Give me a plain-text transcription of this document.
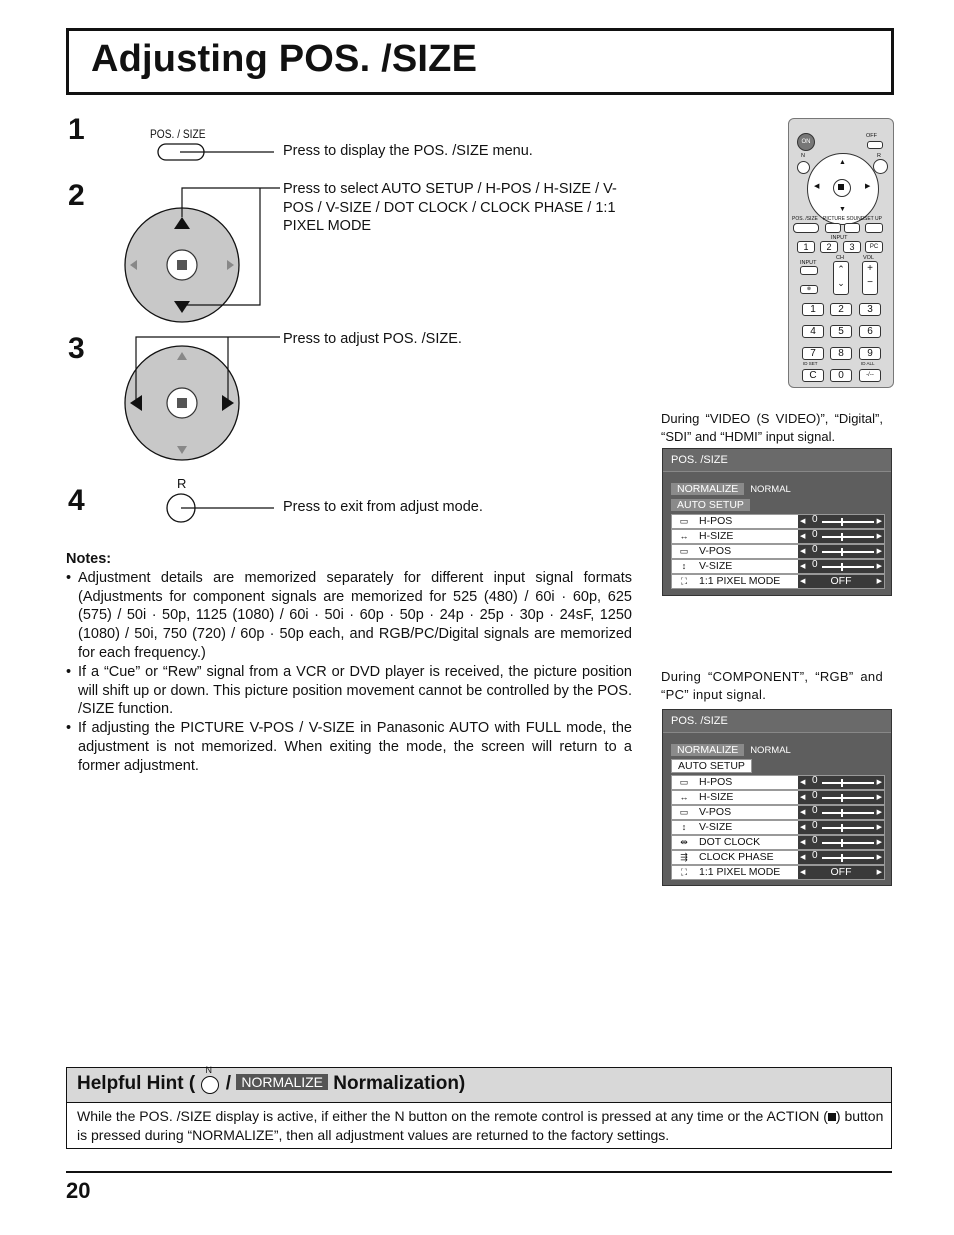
Adjusting POS. /SIZE
1
2
3
4
POS. / SIZE
Press to display the POS. /SIZE menu.
Press to select AUTO SETUP / H-POS / H-SIZE / V-POS / V-SIZE / DOT CLOCK / CLOCK PHASE / 1:1 PIXEL MODE
Press to adjust POS. /SIZE.
R
Press to exit from adjust mode.
Notes:
• Adjustment details are memorized separately for different input signal formats (Adjustments for component signals are memorized for 525 (480) / 60i · 60p, 625 (575) / 50i · 50p, 1125 (1080) / 60i · 50i · 60p · 50p · 24p · 25p · 30p · 24sF, 1250 (1080) / 50i, 750 (720) / 60p · 50p each, and RGB/PC/Digital signals are memorized for each frequency.)
• If a “Cue” or “Rew” signal from a VCR or DVD player is received, the picture position will shift up or down. This picture position movement cannot be controlled by the POS. /SIZE function.
• If adjusting the PICTURE V-POS / V-SIZE in Panasonic AUTO with FULL mode, the adjustment is not memorized. When exiting the mode, the screen will return to a former adjustment.
ON
OFF
▲
▼
◀	▶
N	R
POS. /SIZE PICTURE SOUND SET UP
INPUT
1	2	3	PC
INPUT
CH
⌃
⌄
VOL
+
−
⊗
1	2	3
4	5	6
7	8	9
ID SET	ID ALL
C	0	-/--
During “VIDEO (S VIDEO)”, “Digital”, “SDI” and “HDMI” input signal.
POS. /SIZE
NORMALIZE NORMAL
AUTO SETUP
▭	H-POS	◀ 0	▶
↔	H-SIZE	◀ 0	▶
▭	V-POS	◀ 0	▶
↕	V-SIZE	◀ 0	▶
⛶	1:1 PIXEL MODE	◀	OFF	▶
During “COMPONENT”, “RGB” and “PC” input signal.
POS. /SIZE
NORMALIZE NORMAL
AUTO SETUP
▭	H-POS	◀ 0	▶
↔	H-SIZE	◀ 0	▶
▭	V-POS	◀ 0	▶
↕	V-SIZE	◀ 0	▶
⇹	DOT CLOCK	◀ 0	▶
⇶	CLOCK PHASE	◀ 0	▶
⛶	1:1 PIXEL MODE	◀	OFF	▶
Helpful Hint (
N
/ NORMALIZE Normalization)
While the POS. /SIZE display is active, if either the N button on the remote control is pressed at any time or the ACTION ( ) button is pressed during “NORMALIZE”, then all adjustment values are returned to the factory settings.
20
